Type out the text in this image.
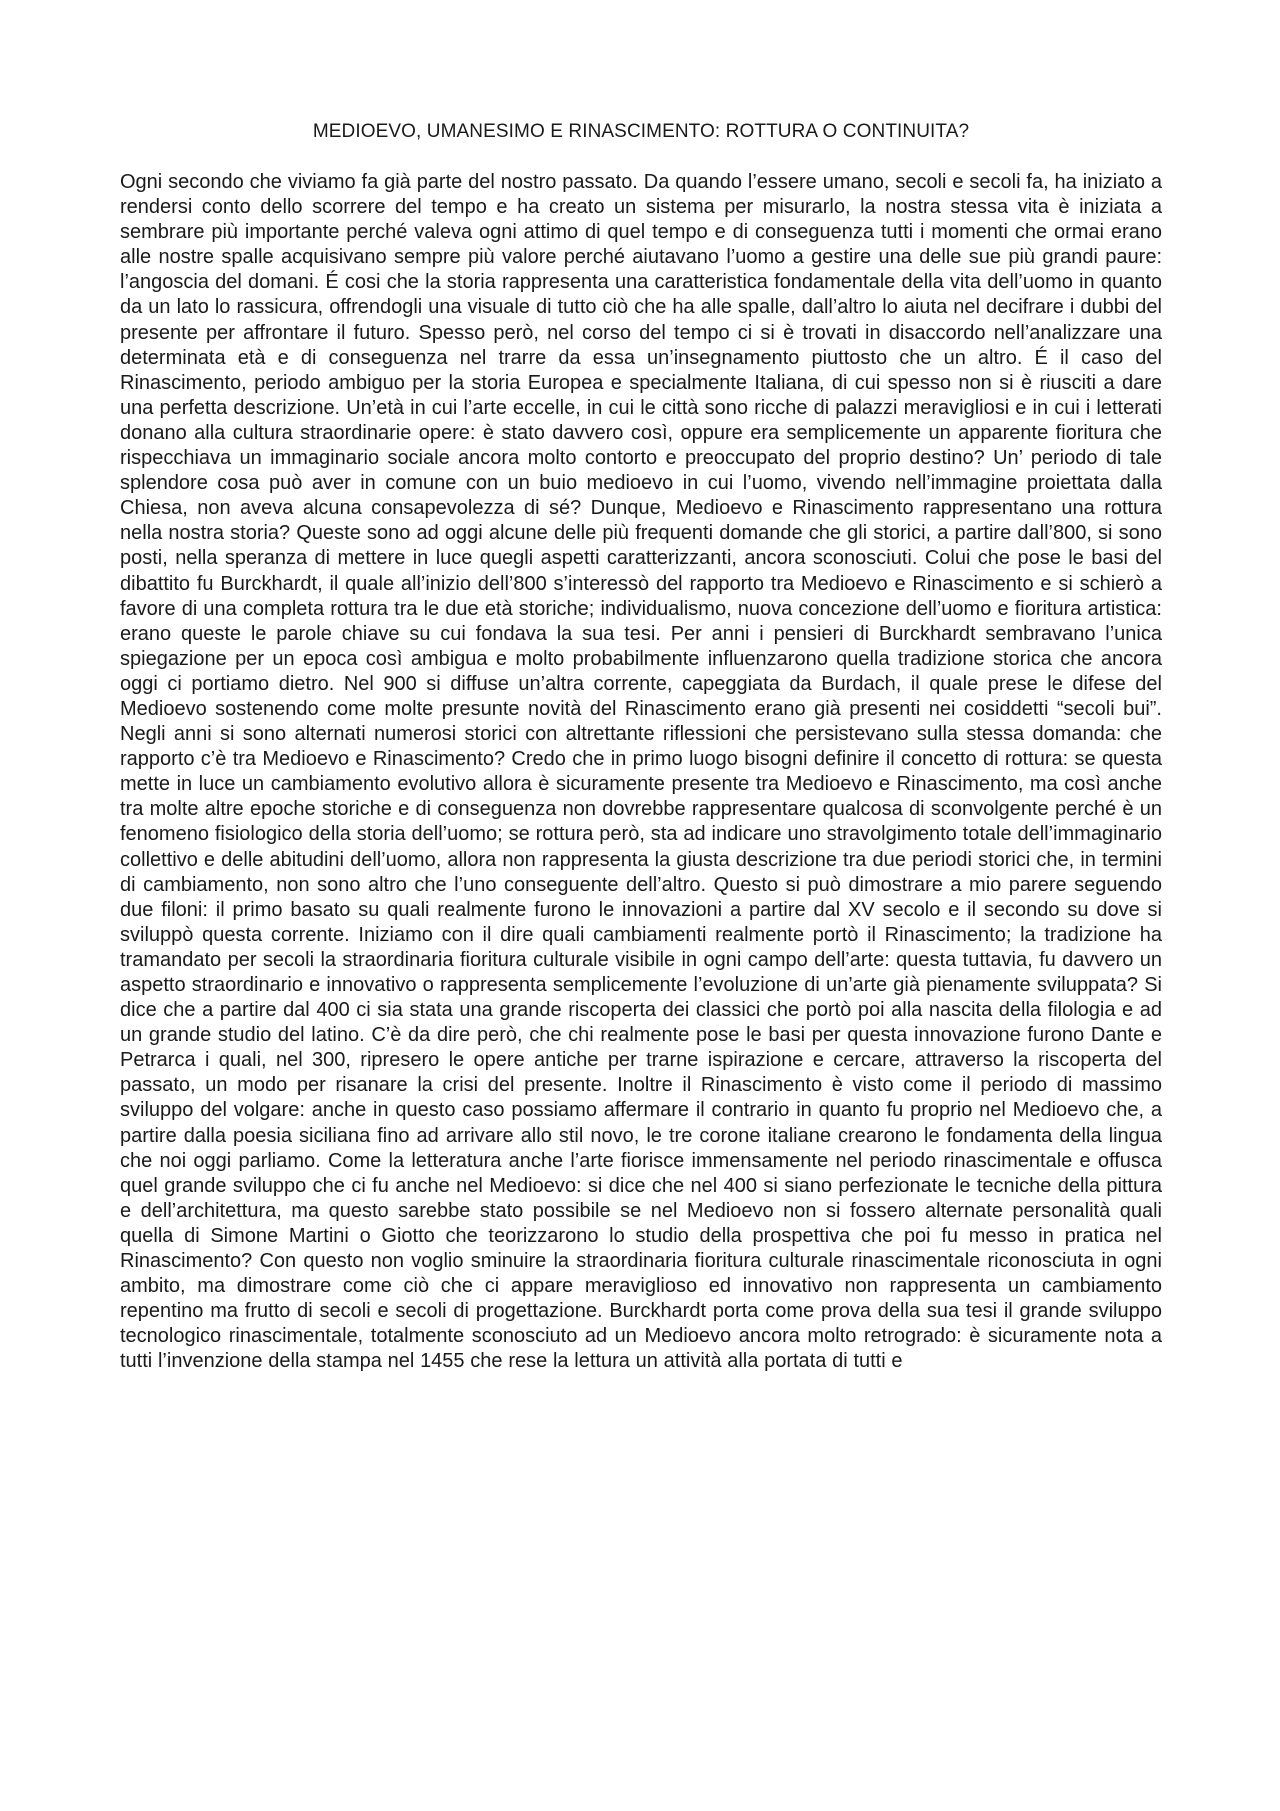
MEDIOEVO, UMANESIMO E RINASCIMENTO: ROTTURA O CONTINUITA?

Ogni secondo che viviamo fa già parte del nostro passato. Da quando l’essere umano, secoli e secoli fa, ha iniziato a rendersi conto dello scorrere del tempo e ha creato un sistema per misurarlo, la nostra stessa vita è iniziata a sembrare più importante perché valeva ogni attimo di quel tempo e di conseguenza tutti i momenti che ormai erano alle nostre spalle acquisivano sempre più valore perché aiutavano l’uomo a gestire una delle sue più grandi paure: l’angoscia del domani. É cosi che la storia rappresenta una caratteristica fondamentale della vita dell’uomo in quanto da un lato lo rassicura, offrendogli una visuale di tutto ciò che ha alle spalle, dall’altro lo aiuta nel decifrare i dubbi del presente per affrontare il futuro. Spesso però, nel corso del tempo ci si è trovati in disaccordo nell’analizzare una determinata età e di conseguenza nel trarre da essa un’insegnamento piuttosto che un altro. É il caso del Rinascimento, periodo ambiguo per la storia Europea e specialmente Italiana, di cui spesso non si è riusciti a dare una perfetta descrizione. Un’età in cui l’arte eccelle, in cui le città sono ricche di palazzi meravigliosi e in cui i letterati donano alla cultura straordinarie opere: è stato davvero così, oppure era semplicemente un apparente fioritura che rispecchiava un immaginario sociale ancora molto contorto e preoccupato del proprio destino? Un’ periodo di tale splendore cosa può aver in comune con un buio medioevo in cui l’uomo, vivendo nell’immagine proiettata dalla Chiesa, non aveva alcuna consapevolezza di sé? Dunque, Medioevo e Rinascimento rappresentano una rottura nella nostra storia? Queste sono ad oggi alcune delle più frequenti domande che gli storici, a partire dall’800, si sono posti, nella speranza di mettere in luce quegli aspetti caratterizzanti, ancora sconosciuti. Colui che pose le basi del dibattito fu Burckhardt, il quale all’inizio dell’800 s’interessò del rapporto tra Medioevo e Rinascimento e si schierò a favore di una completa rottura tra le due età storiche; individualismo, nuova concezione dell’uomo e fioritura artistica: erano queste le parole chiave su cui fondava la sua tesi. Per anni i pensieri di Burckhardt sembravano l’unica spiegazione per un epoca così ambigua e molto probabilmente influenzarono quella tradizione storica che ancora oggi ci portiamo dietro. Nel 900 si diffuse un’altra corrente, capeggiata da Burdach, il quale prese le difese del Medioevo sostenendo come molte presunte novità del Rinascimento erano già presenti nei cosiddetti “secoli bui”. Negli anni si sono alternati numerosi storici con altrettante riflessioni che persistevano sulla stessa domanda: che rapporto c’è tra Medioevo e Rinascimento? Credo che in primo luogo bisogni definire il concetto di rottura: se questa mette in luce un cambiamento evolutivo allora è sicuramente presente tra Medioevo e Rinascimento, ma così anche tra molte altre epoche storiche e di conseguenza non dovrebbe rappresentare qualcosa di sconvolgente perché è un fenomeno fisiologico della storia dell’uomo; se rottura però, sta ad indicare uno stravolgimento totale dell’immaginario collettivo e delle abitudini dell’uomo, allora non rappresenta la giusta descrizione tra due periodi storici che, in termini di cambiamento, non sono altro che l’uno conseguente dell’altro. Questo si può dimostrare a mio parere seguendo due filoni: il primo basato su quali realmente furono le innovazioni a partire dal XV secolo e il secondo su dove si sviluppò questa corrente. Iniziamo con il dire quali cambiamenti realmente portò il Rinascimento; la tradizione ha tramandato per secoli la straordinaria fioritura culturale visibile in ogni campo dell’arte: questa tuttavia, fu davvero un aspetto straordinario e innovativo o rappresenta semplicemente l’evoluzione di un’arte già pienamente sviluppata? Si dice che a partire dal 400 ci sia stata una grande riscoperta dei classici che portò poi alla nascita della filologia e ad un grande studio del latino. C’è da dire però, che chi realmente pose le basi per questa innovazione furono Dante e Petrarca i quali, nel 300, ripresero le opere antiche per trarne ispirazione e cercare, attraverso la riscoperta del passato, un modo per risanare la crisi del presente. Inoltre il Rinascimento è visto come il periodo di massimo sviluppo del volgare: anche in questo caso possiamo affermare il contrario in quanto fu proprio nel Medioevo che, a partire dalla poesia siciliana fino ad arrivare allo stil novo, le tre corone italiane crearono le fondamenta della lingua che noi oggi parliamo. Come la letteratura anche l’arte fiorisce immensamente nel periodo rinascimentale e offusca quel grande sviluppo che ci fu anche nel Medioevo: si dice che nel 400 si siano perfezionate le tecniche della pittura e dell’architettura, ma questo sarebbe stato possibile se nel Medioevo non si fossero alternate personalità quali quella di Simone Martini o Giotto che teorizzarono lo studio della prospettiva che poi fu messo in pratica nel Rinascimento? Con questo non voglio sminuire la straordinaria fioritura culturale rinascimentale riconosciuta in ogni ambito, ma dimostrare come ciò che ci appare meraviglioso ed innovativo non rappresenta un cambiamento repentino ma frutto di secoli e secoli di progettazione. Burckhardt porta come prova della sua tesi il grande sviluppo tecnologico rinascimentale, totalmente sconosciuto ad un Medioevo ancora molto retrogrado: è sicuramente nota a tutti l’invenzione della stampa nel 1455 che rese la lettura un attività alla portata di tutti e
